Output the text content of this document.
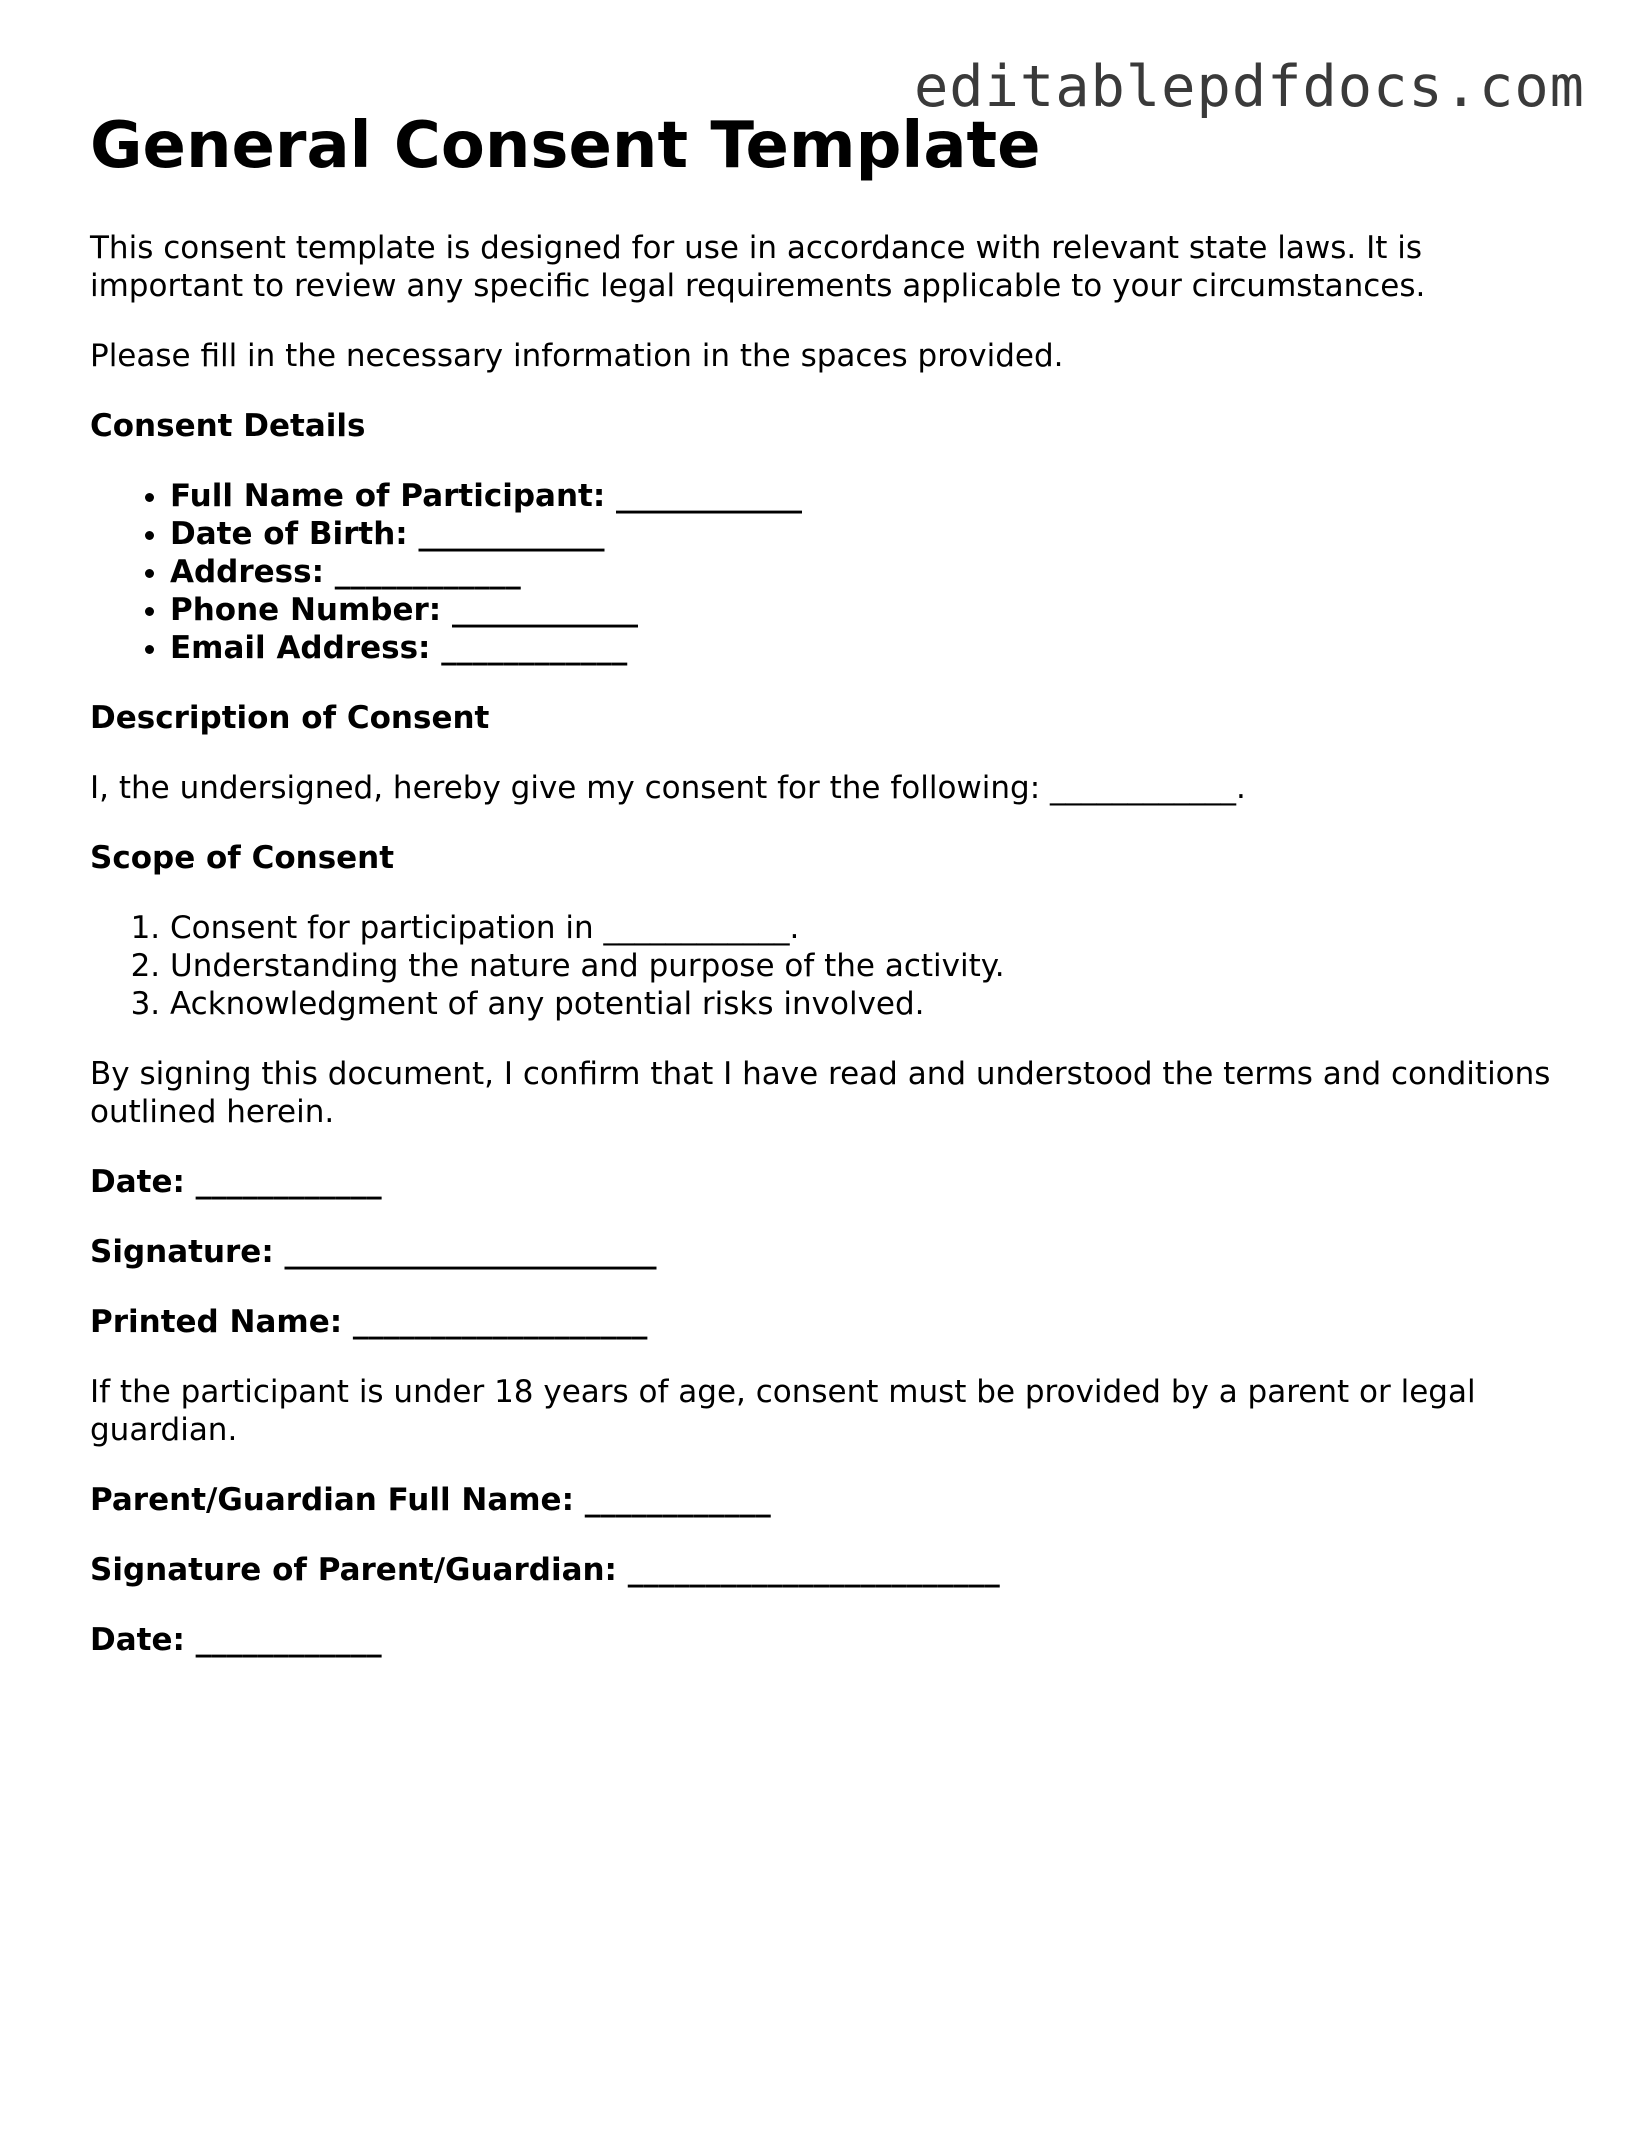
editablepdfdocs.com
General Consent Template

This consent template is designed for use in accordance with relevant state laws. It is important to review any specific legal requirements applicable to your circumstances.

Please fill in the necessary information in the spaces provided.

Consent Details
• Full Name of Participant: ____________
• Date of Birth: ____________
• Address: ____________
• Phone Number: ____________
• Email Address: ____________
Description of Consent

I, the undersigned, hereby give my consent for the following: ____________.

Scope of Consent
1. Consent for participation in ____________.
2. Understanding the nature and purpose of the activity.
3. Acknowledgment of any potential risks involved.

By signing this document, I confirm that I have read and understood the terms and conditions outlined herein.

Date: ____________

Signature: ________________________

Printed Name: ___________________

If the participant is under 18 years of age, consent must be provided by a parent or legal guardian.

Parent/Guardian Full Name: ____________

Signature of Parent/Guardian: ________________________

Date: ____________
